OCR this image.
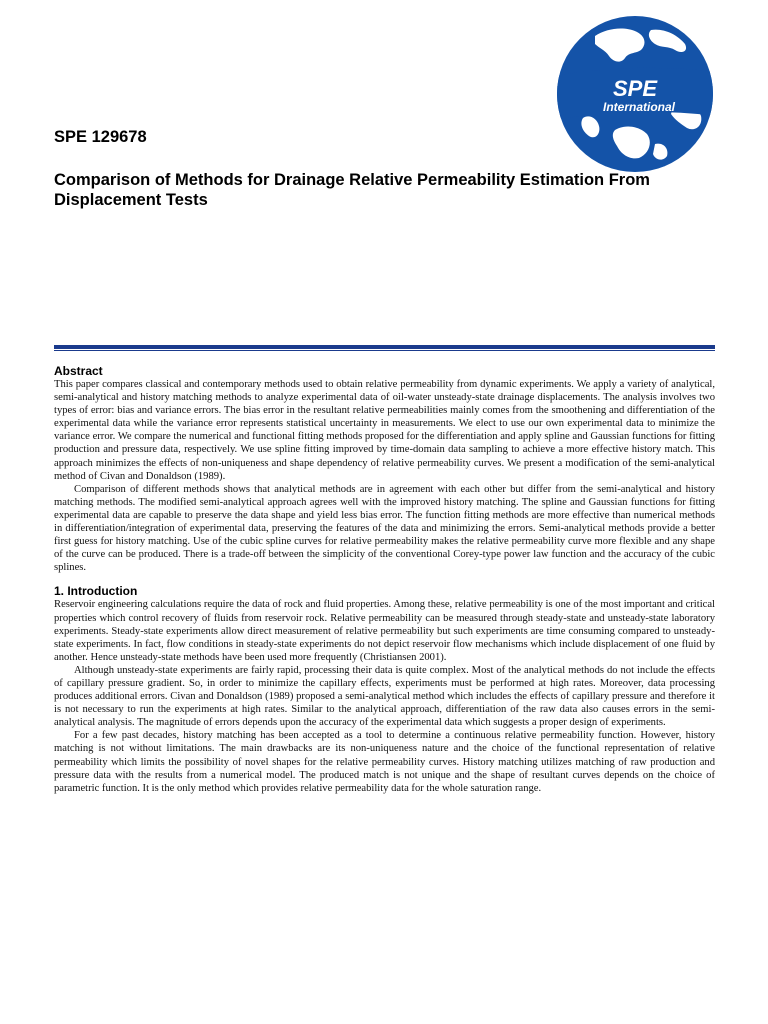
SPE
International
SPE 129678
Comparison of Methods for Drainage Relative Permeability Estimation From Displacement Tests
Abstract

This paper compares classical and contemporary methods used to obtain relative permeability from dynamic experiments. We apply a variety of analytical, semi-analytical and history matching methods to analyze experimental data of oil-water unsteady-state drainage displacements. The analysis involves two types of error: bias and variance errors. The bias error in the resultant relative permeabilities mainly comes from the smoothening and differentiation of the experimental data while the variance error represents statistical uncertainty in measurements. We elect to use our own experimental data to minimize the variance error. We compare the numerical and functional fitting methods proposed for the differentiation and apply spline and Gaussian functions for fitting production and pressure data, respectively. We use spline fitting improved by time-domain data sampling to achieve a more effective history match. This approach minimizes the effects of non-uniqueness and shape dependency of relative permeability curves. We present a modification of the semi-analytical method of Civan and Donaldson (1989).

Comparison of different methods shows that analytical methods are in agreement with each other but differ from the semi-analytical and history matching methods. The modified semi-analytical approach agrees well with the improved history matching. The spline and Gaussian functions for fitting experimental data are capable to preserve the data shape and yield less bias error. The function fitting methods are more effective than numerical methods in differentiation/integration of experimental data, preserving the features of the data and minimizing the errors. Semi-analytical methods provide a better first guess for history matching. Use of the cubic spline curves for relative permeability makes the relative permeability curve more flexible and any shape of the curve can be produced. There is a trade-off between the simplicity of the conventional Corey-type power law function and the accuracy of the cubic splines.

1. Introduction

Reservoir engineering calculations require the data of rock and fluid properties. Among these, relative permeability is one of the most important and critical properties which control recovery of fluids from reservoir rock. Relative permeability can be measured through steady-state and unsteady-state laboratory experiments. Steady-state experiments allow direct measurement of relative permeability but such experiments are time consuming compared to unsteady-state experiments. In fact, flow conditions in steady-state experiments do not depict reservoir flow mechanisms which include displacement of one fluid by another. Hence unsteady-state methods have been used more frequently (Christiansen 2001).

Although unsteady-state experiments are fairly rapid, processing their data is quite complex. Most of the analytical methods do not include the effects of capillary pressure gradient. So, in order to minimize the capillary effects, experiments must be performed at high rates. Moreover, data processing produces additional errors. Civan and Donaldson (1989) proposed a semi-analytical method which includes the effects of capillary pressure and therefore it is not necessary to run the experiments at high rates. Similar to the analytical approach, differentiation of the raw data also causes errors in the semi-analytical analysis. The magnitude of errors depends upon the accuracy of the experimental data which suggests a proper design of experiments.

For a few past decades, history matching has been accepted as a tool to determine a continuous relative permeability function. However, history matching is not without limitations. The main drawbacks are its non-uniqueness nature and the choice of the functional representation of relative permeability which limits the possibility of novel shapes for the relative permeability curves. History matching utilizes matching of raw production and pressure data with the results from a numerical model. The produced match is not unique and the shape of resultant curves depends on the choice of parametric function. It is the only method which provides relative permeability data for the whole saturation range.
